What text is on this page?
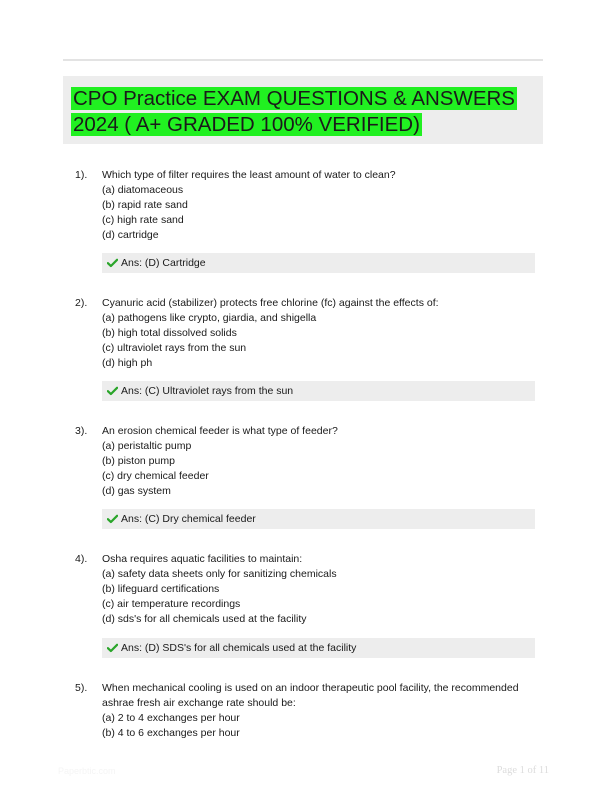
CPO Practice EXAM QUESTIONS & ANSWERS
2024 ( A+ GRADED 100% VERIFIED)
1). Which type of filter requires the least amount of water to clean?
(a) diatomaceous
(b) rapid rate sand
(c) high rate sand
(d) cartridge
Ans: (D) Cartridge
2). Cyanuric acid (stabilizer) protects free chlorine (fc) against the effects of:
(a) pathogens like crypto, giardia, and shigella
(b) high total dissolved solids
(c) ultraviolet rays from the sun
(d) high ph
Ans: (C) Ultraviolet rays from the sun
3). An erosion chemical feeder is what type of feeder?
(a) peristaltic pump
(b) piston pump
(c) dry chemical feeder
(d) gas system
Ans: (C) Dry chemical feeder
4). Osha requires aquatic facilities to maintain:
(a) safety data sheets only for sanitizing chemicals
(b) lifeguard certifications
(c) air temperature recordings
(d) sds's for all chemicals used at the facility
Ans: (D) SDS's for all chemicals used at the facility
5). When mechanical cooling is used on an indoor therapeutic pool facility, the recommended
ashrae fresh air exchange rate should be:
(a) 2 to 4 exchanges per hour
(b) 4 to 6 exchanges per hour
Paperbtic.com	Page 1 of 11
